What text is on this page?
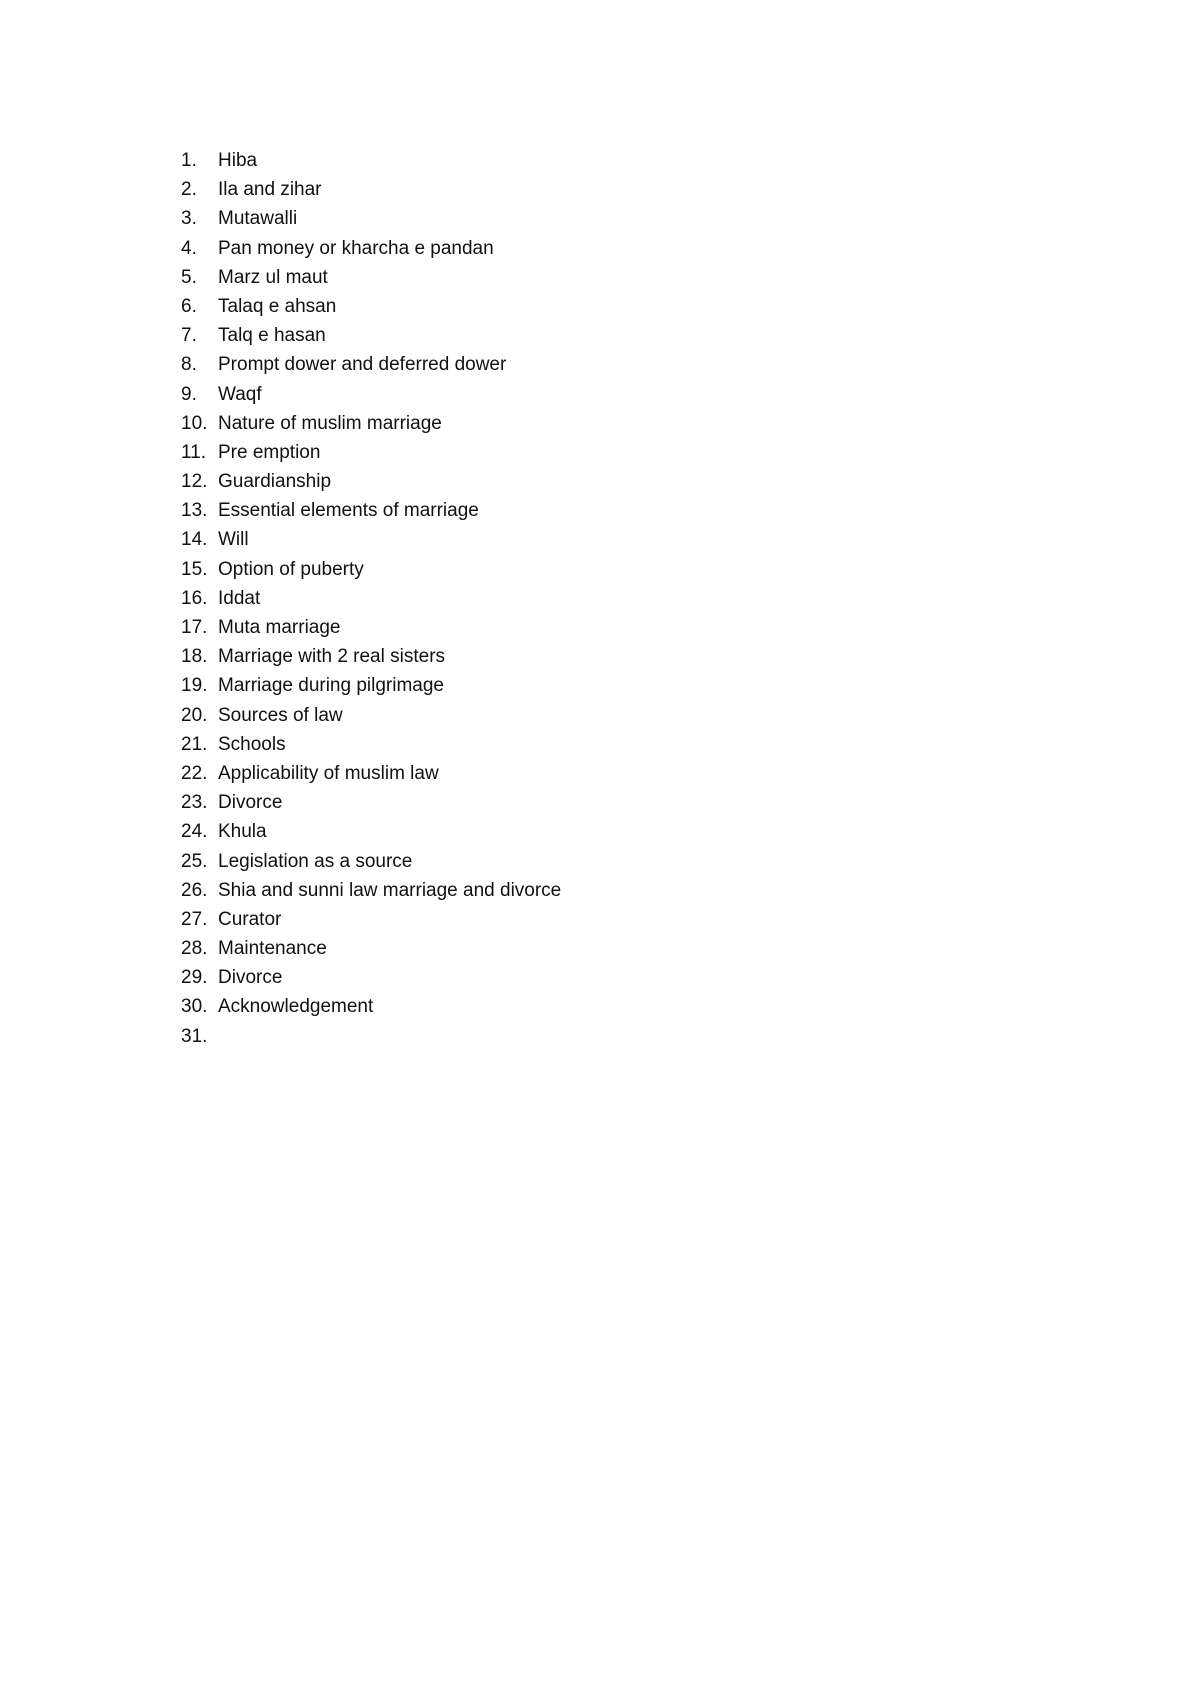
1.	Hiba
2.	Ila and zihar
3.	Mutawalli
4.	Pan money or kharcha e pandan
5.	Marz ul maut
6.	Talaq e ahsan
7.	Talq e hasan
8.	Prompt dower and deferred dower
9.	Waqf
10. Nature of muslim marriage
11. Pre emption
12. Guardianship
13. Essential elements of marriage
14. Will
15. Option of puberty
16. Iddat
17. Muta marriage
18. Marriage with 2 real sisters
19. Marriage during pilgrimage
20. Sources of law
21. Schools
22. Applicability of muslim law
23. Divorce
24. Khula
25. Legislation as a source
26. Shia and sunni law marriage and divorce
27. Curator
28. Maintenance
29. Divorce
30. Acknowledgement
31.
